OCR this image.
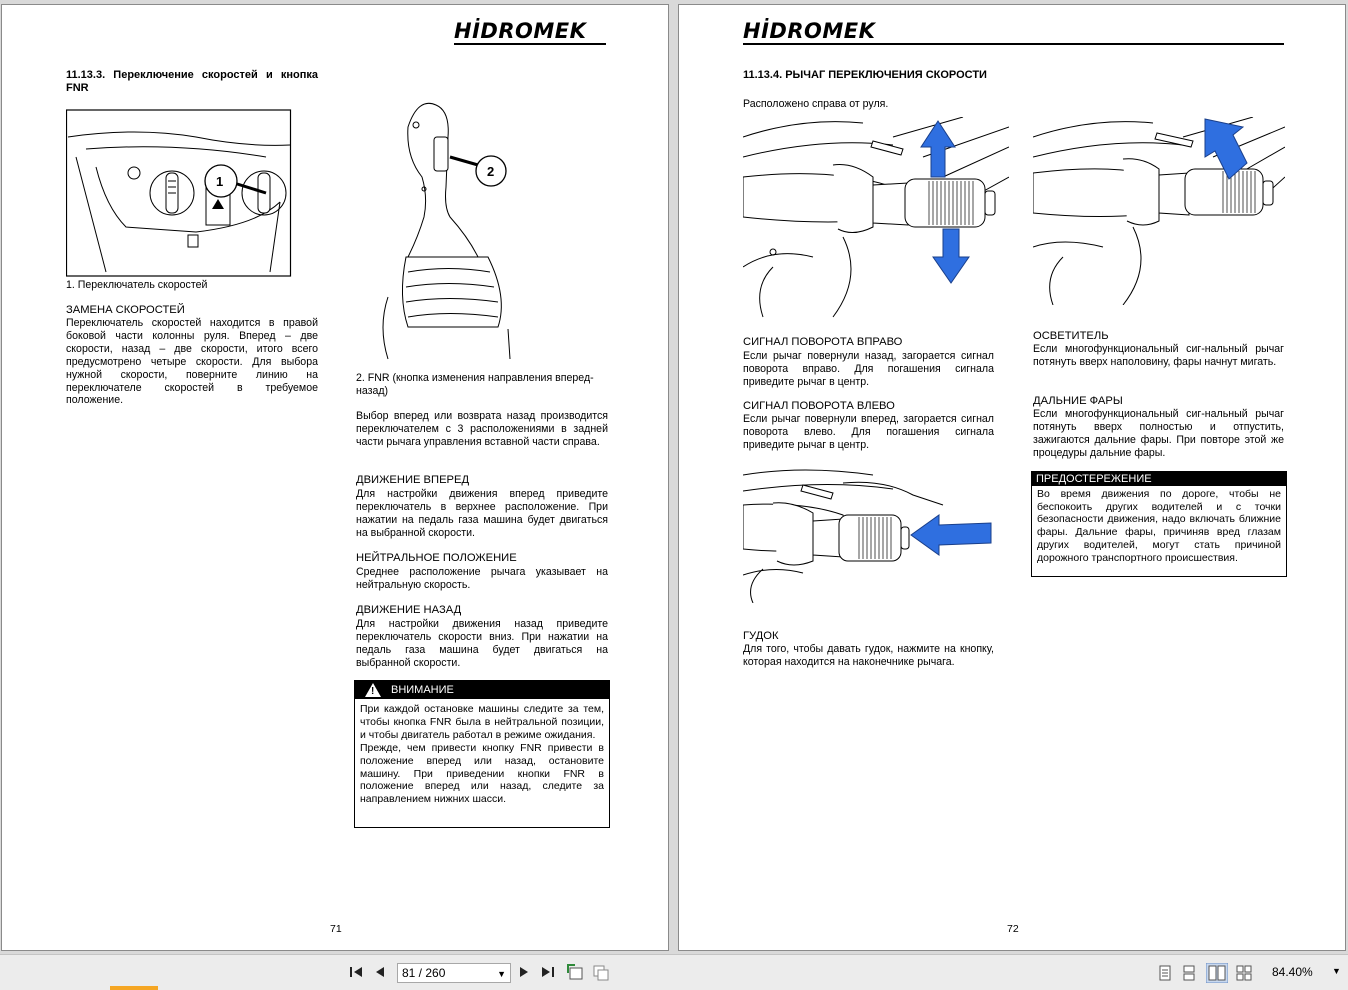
HİDROMEK
11.13.3. Переключение скоростей и кнопка FNR
1
1. Переключатель скоростей
ЗАМЕНА СКОРОСТЕЙ
Переключатель скоростей находится в правой боковой части колонны руля. Вперед – две скорости, назад – две скорости, итого всего предусмотрено четыре скорости. Для выбора нужной скорости, поверните линию на переключателе скоростей в требуемое положение.
2
2. FNR (кнопка изменения направления вперед-назад)
Выбор вперед или возврата назад производится переключателем с 3 расположениями в задней части рычага управления вставной части справа.
ДВИЖЕНИЕ ВПЕРЕД
Для настройки движения вперед приведите переключатель в верхнее расположение. При нажатии на педаль газа машина будет двигаться на выбранной скорости.
НЕЙТРАЛЬНОЕ ПОЛОЖЕНИЕ
Среднее расположение рычага указывает на нейтральную скорость.
ДВИЖЕНИЕ НАЗАД
Для настройки движения назад приведите переключатель скорости вниз. При нажатии на педаль газа машина будет двигаться на выбранной скорости.
! ВНИМАНИЕ

При каждой остановке машины следите за тем, чтобы кнопка FNR была в нейтральной позиции, и чтобы двигатель работал в режиме ожидания.

Прежде, чем привести кнопку FNR привести в положение вперед или назад, остановите машину. При приведении кнопки FNR в положение вперед или назад, следите за направлением нижних шасси.

71
HİDROMEK
11.13.4. РЫЧАГ ПЕРЕКЛЮЧЕНИЯ СКОРОСТИ
Расположено справа от руля.
СИГНАЛ ПОВОРОТА ВПРАВО
Если рычаг повернули назад, загорается сигнал поворота вправо. Для погашения сигнала приведите рычаг в центр.
СИГНАЛ ПОВОРОТА ВЛЕВО
Если рычаг повернули вперед, загорается сигнал поворота влево. Для погашения сигнала приведите рычаг в центр.
ГУДОК
Для того, чтобы давать гудок, нажмите на кнопку, которая находится на наконечнике рычага.
ОСВЕТИТЕЛЬ
Если многофункциональный сиг-нальный рычаг потянуть вверх наполовину, фары начнут мигать.
ДАЛЬНИЕ ФАРЫ
Если многофункциональный сиг-нальный рычаг потянуть вверх полностью и отпустить, зажигаются дальние фары. При повторе этой же процедуры дальние фары.
ПРЕДОСТЕРЕЖЕНИЕ
Во время движения по дороге, чтобы не беспокоить других водителей и с точки безопасности движения, надо включать ближние фары. Дальние фары, причиняв вред глазам других водителей, могут стать причиной дорожного транспортного происшествия.
72
81 / 260	▼	84.40% ▼
